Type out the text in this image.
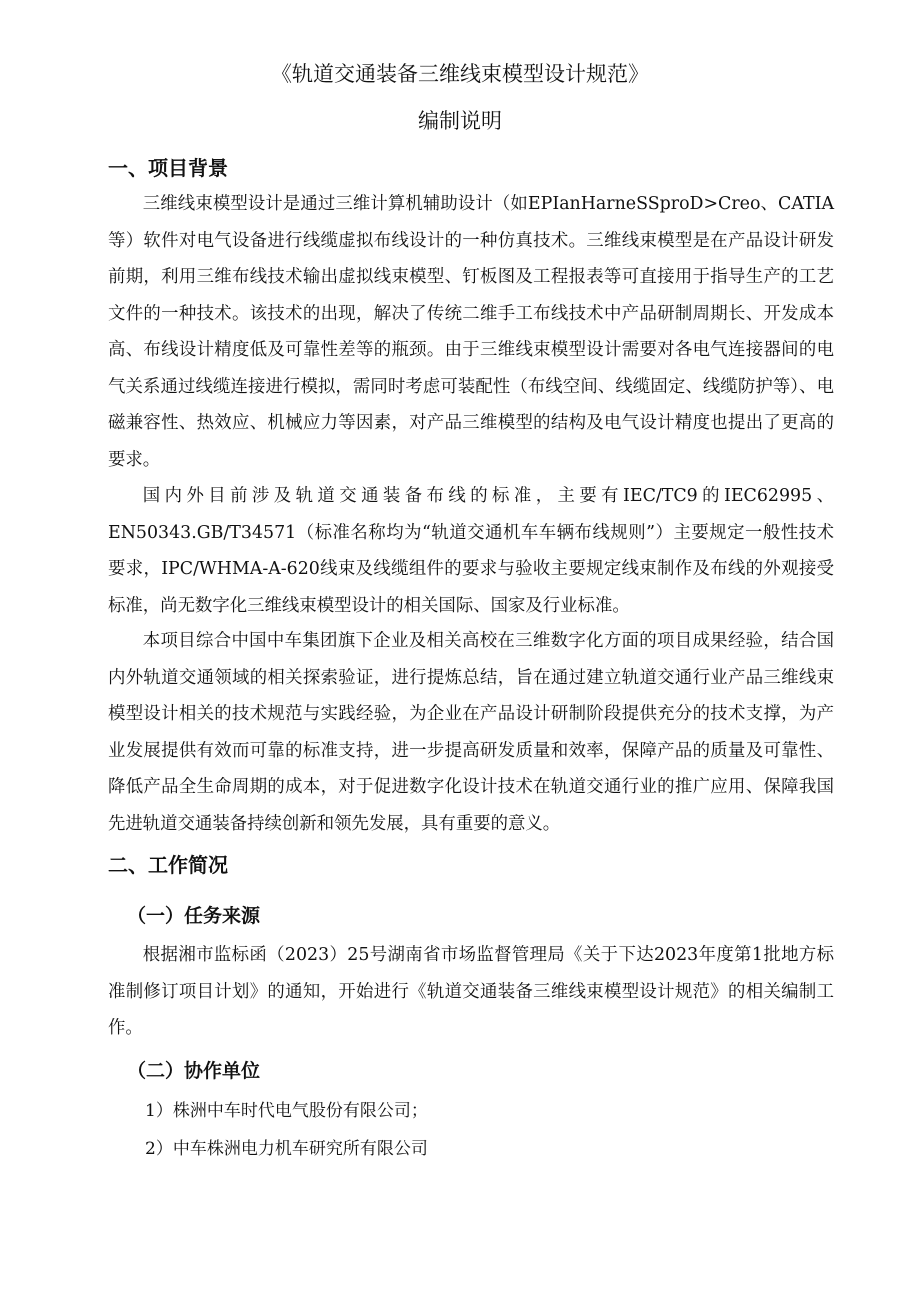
《轨道交通装备三维线束模型设计规范》
编制说明
一、项目背景

三维线束模型设计是通过三维计算机辅助设计（如EPIanHarneSSproD>Creo、CATIA等）软件对电气设备进行线缆虚拟布线设计的一种仿真技术。三维线束模型是在产品设计研发前期，利用三维布线技术输出虚拟线束模型、钉板图及工程报表等可直接用于指导生产的工艺文件的一种技术。该技术的出现，解决了传统二维手工布线技术中产品研制周期长、开发成本高、布线设计精度低及可靠性差等的瓶颈。由于三维线束模型设计需要对各电气连接器间的电气关系通过线缆连接进行模拟，需同时考虑可装配性（布线空间、线缆固定、线缆防护等）、电磁兼容性、热效应、机械应力等因素，对产品三维模型的结构及电气设计精度也提出了更高的要求。

国内外目前涉及轨道交通装备布线的标准，主要有IEC/TC9的IEC62995、EN50343.GB/T34571（标准名称均为“轨道交通机车车辆布线规则”）主要规定一般性技术要求，IPC/WHMA-A-620线束及线缆组件的要求与验收主要规定线束制作及布线的外观接受标准，尚无数字化三维线束模型设计的相关国际、国家及行业标准。

本项目综合中国中车集团旗下企业及相关高校在三维数字化方面的项目成果经验，结合国内外轨道交通领域的相关探索验证，进行提炼总结，旨在通过建立轨道交通行业产品三维线束模型设计相关的技术规范与实践经验，为企业在产品设计研制阶段提供充分的技术支撑，为产业发展提供有效而可靠的标准支持，进一步提高研发质量和效率，保障产品的质量及可靠性、降低产品全生命周期的成本，对于促进数字化设计技术在轨道交通行业的推广应用、保障我国先进轨道交通装备持续创新和领先发展，具有重要的意义。

二、工作简况
（一）任务来源

根据湘市监标函（2023）25号湖南省市场监督管理局《关于下达2023年度第1批地方标准制修订项目计划》的通知，开始进行《轨道交通装备三维线束模型设计规范》的相关编制工作。

（二）协作单位

1）株洲中车时代电气股份有限公司；

2）中车株洲电力机车研究所有限公司
